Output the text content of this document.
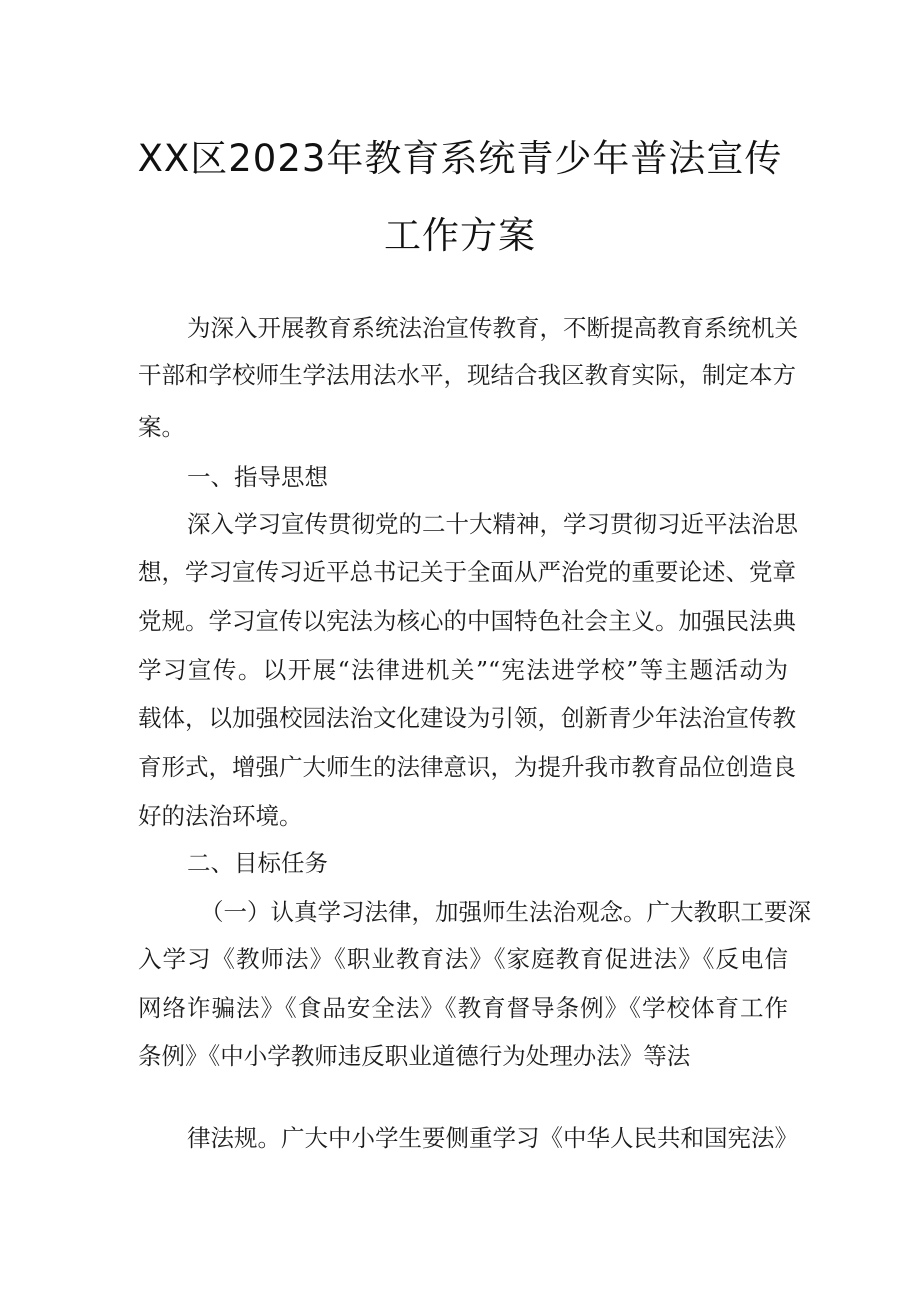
XX区2023年教育系统青少年普法宣传
工作方案
为深入开展教育系统法治宣传教育，不断提高教育系统机关
干部和学校师生学法用法水平，现结合我区教育实际，制定本方
案。
一、指导思想
深入学习宣传贯彻党的二十大精神，学习贯彻习近平法治思
想，学习宣传习近平总书记关于全面从严治党的重要论述、党章
党规。学习宣传以宪法为核心的中国特色社会主义。加强民法典
学习宣传。以开展“法律进机关”“宪法进学校”等主题活动为
载体，以加强校园法治文化建设为引领，创新青少年法治宣传教
育形式，增强广大师生的法律意识，为提升我市教育品位创造良
好的法治环境。
二、目标任务
（一）认真学习法律，加强师生法治观念。广大教职工要深
入学习《教师法》《职业教育法》《家庭教育促进法》《反电信
网络诈骗法》《食品安全法》《教育督导条例》《学校体育工作
条例》《中小学教师违反职业道德行为处理办法》等法
律法规。广大中小学生要侧重学习《中华人民共和国宪法》
